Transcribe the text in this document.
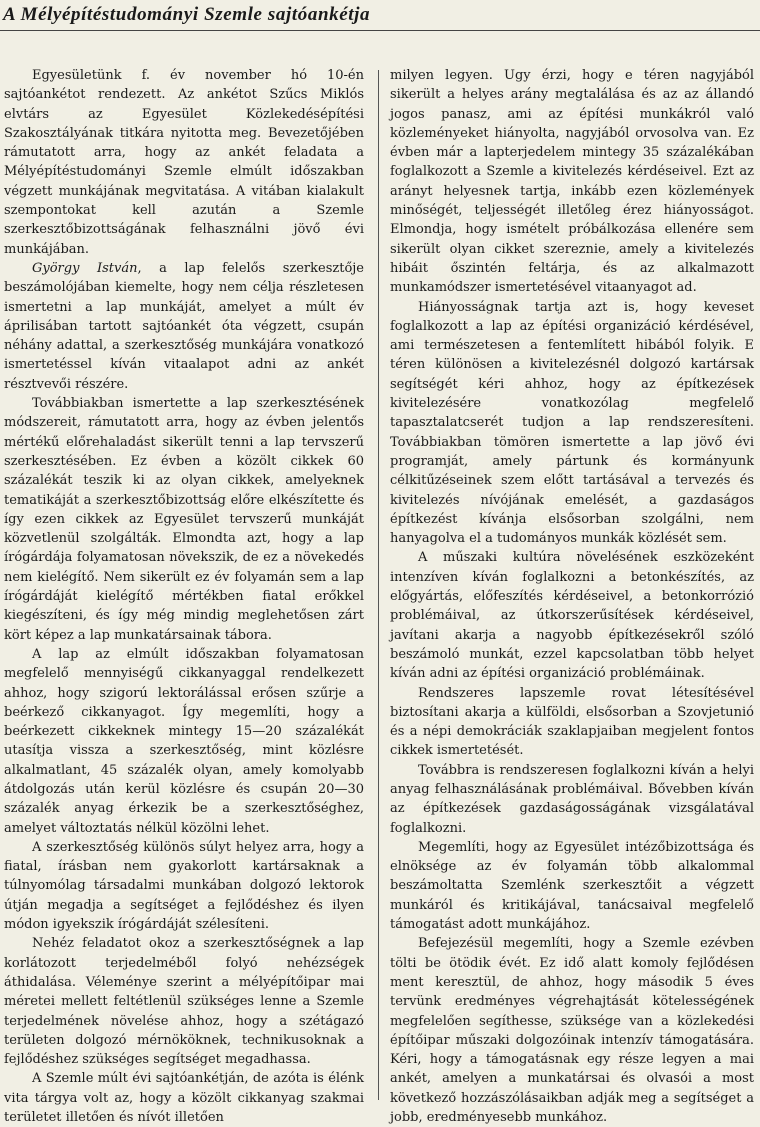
A Mélyépítéstudományi Szemle sajtóankétja

Egyesületünk f. év november hó 10-én sajtóankétot rendezett. Az ankétot Szűcs Miklós elvtárs az Egyesület Közlekedésépítési Szakosztályának titkára nyitotta meg. Bevezetőjében rámutatott arra, hogy az ankét feladata a Mélyépítéstudományi Szemle elmúlt időszakban végzett munkájának megvitatása. A vitában kialakult szempontokat kell azután a Szemle szerkesztőbizottságának felhasználni jövő évi munkájában.

György István, a lap felelős szerkesztője beszámolójában kiemelte, hogy nem célja részletesen ismertetni a lap munkáját, amelyet a múlt év áprilisában tartott sajtóankét óta végzett, csupán néhány adattal, a szerkesztőség munkájára vonatkozó ismertetéssel kíván vitaalapot adni az ankét résztvevői részére.

Továbbiakban ismertette a lap szerkesztésének módszereit, rámutatott arra, hogy az évben jelentős mértékű előrehaladást sikerült tenni a lap tervszerű szerkesztésében. Ez évben a közölt cikkek 60 százalékát teszik ki az olyan cikkek, amelyeknek tematikáját a szerkesztőbizottság előre elkészítette és így ezen cikkek az Egyesület tervszerű munkáját közvetlenül szolgálták. Elmondta azt, hogy a lap írógárdája folyamatosan növekszik, de ez a növekedés nem kielégítő. Nem sikerült ez év folyamán sem a lap írógárdáját kielégítő mértékben fiatal erőkkel kiegészíteni, és így még mindig meglehetősen zárt kört képez a lap munkatársainak tábora.

A lap az elmúlt időszakban folyamatosan megfelelő mennyiségű cikkanyaggal rendelkezett ahhoz, hogy szigorú lektorálással erősen szűrje a beérkező cikkanyagot. Így megemlíti, hogy a beérkezett cikkeknek mintegy 15—20 százalékát utasítja vissza a szerkesztőség, mint közlésre alkalmatlant, 45 százalék olyan, amely komolyabb átdolgozás után kerül közlésre és csupán 20—30 százalék anyag érkezik be a szerkesztőséghez, amelyet változtatás nélkül közölni lehet.

A szerkesztőség különös súlyt helyez arra, hogy a fiatal, írásban nem gyakorlott kartársaknak a túlnyomólag társadalmi munkában dolgozó lektorok útján megadja a segítséget a fejlődéshez és ilyen módon igyekszik írógárdáját szélesíteni.

Nehéz feladatot okoz a szerkesztőségnek a lap korlátozott terjedelméből folyó nehézségek áthidalása. Véleménye szerint a mélyépítőipar mai méretei mellett feltétlenül szükséges lenne a Szemle terjedelmének növelése ahhoz, hogy a szétágazó területen dolgozó mérnököknek, technikusoknak a fejlődéshez szükséges segítséget megadhassa.

A Szemle múlt évi sajtóankétján, de azóta is élénk vita tárgya volt az, hogy a közölt cikkanyag szakmai területet illetően és nívót illetően

milyen legyen. Ugy érzi, hogy e téren nagyjából sikerült a helyes arány megtalálása és az az állandó jogos panasz, ami az építési munkákról való közleményeket hiányolta, nagyjából orvosolva van. Ez évben már a lapterjedelem mintegy 35 százalékában foglalkozott a Szemle a kivitelezés kérdéseivel. Ezt az arányt helyesnek tartja, inkább ezen közlemények minőségét, teljességét illetőleg érez hiányosságot. Elmondja, hogy ismételt próbálkozása ellenére sem sikerült olyan cikket szereznie, amely a kivitelezés hibáit őszintén feltárja, és az alkalmazott munkamódszer ismertetésével vitaanyagot ad.

Hiányosságnak tartja azt is, hogy keveset foglalkozott a lap az építési organizáció kérdésével, ami természetesen a fentemlített hibából folyik. E téren különösen a kivitelezésnél dolgozó kartársak segítségét kéri ahhoz, hogy az építkezések kivitelezésére vonatkozólag megfelelő tapasztalatcserét tudjon a lap rendszeresíteni. Továbbiakban tömören ismertette a lap jövő évi programját, amely pártunk és kormányunk célkitűzéseinek szem előtt tartásával a tervezés és kivitelezés nívójának emelését, a gazdaságos építkezést kívánja elsősorban szolgálni, nem hanyagolva el a tudományos munkák közlését sem.

A műszaki kultúra növelésének eszközeként intenzíven kíván foglalkozni a betonkészítés, az előgyártás, előfeszítés kérdéseivel, a betonkorrózió problémáival, az útkorszerűsítések kérdéseivel, javítani akarja a nagyobb építkezésekről szóló beszámoló munkát, ezzel kapcsolatban több helyet kíván adni az építési organizáció problémáinak.

Rendszeres lapszemle rovat létesítésével biztosítani akarja a külföldi, elsősorban a Szovjetunió és a népi demokráciák szaklapjaiban megjelent fontos cikkek ismertetését.

Továbbra is rendszeresen foglalkozni kíván a helyi anyag felhasználásának problémáival. Bővebben kíván az építkezések gazdaságosságának vizsgálatával foglalkozni.

Megemlíti, hogy az Egyesület intézőbizottsága és elnöksége az év folyamán több alkalommal beszámoltatta Szemlénk szerkesztőit a végzett munkáról és kritikájával, tanácsaival megfelelő támogatást adott munkájához.

Befejezésül megemlíti, hogy a Szemle ezévben tölti be ötödik évét. Ez idő alatt komoly fejlődésen ment keresztül, de ahhoz, hogy második 5 éves tervünk eredményes végrehajtását kötelességének megfelelően segíthesse, szüksége van a közlekedési építőipar műszaki dolgozóinak intenzív támogatására. Kéri, hogy a támogatásnak egy része legyen a mai ankét, amelyen a munkatársai és olvasói a most következő hozzászólásaikban adják meg a segítséget a jobb, eredményesebb munkához.
